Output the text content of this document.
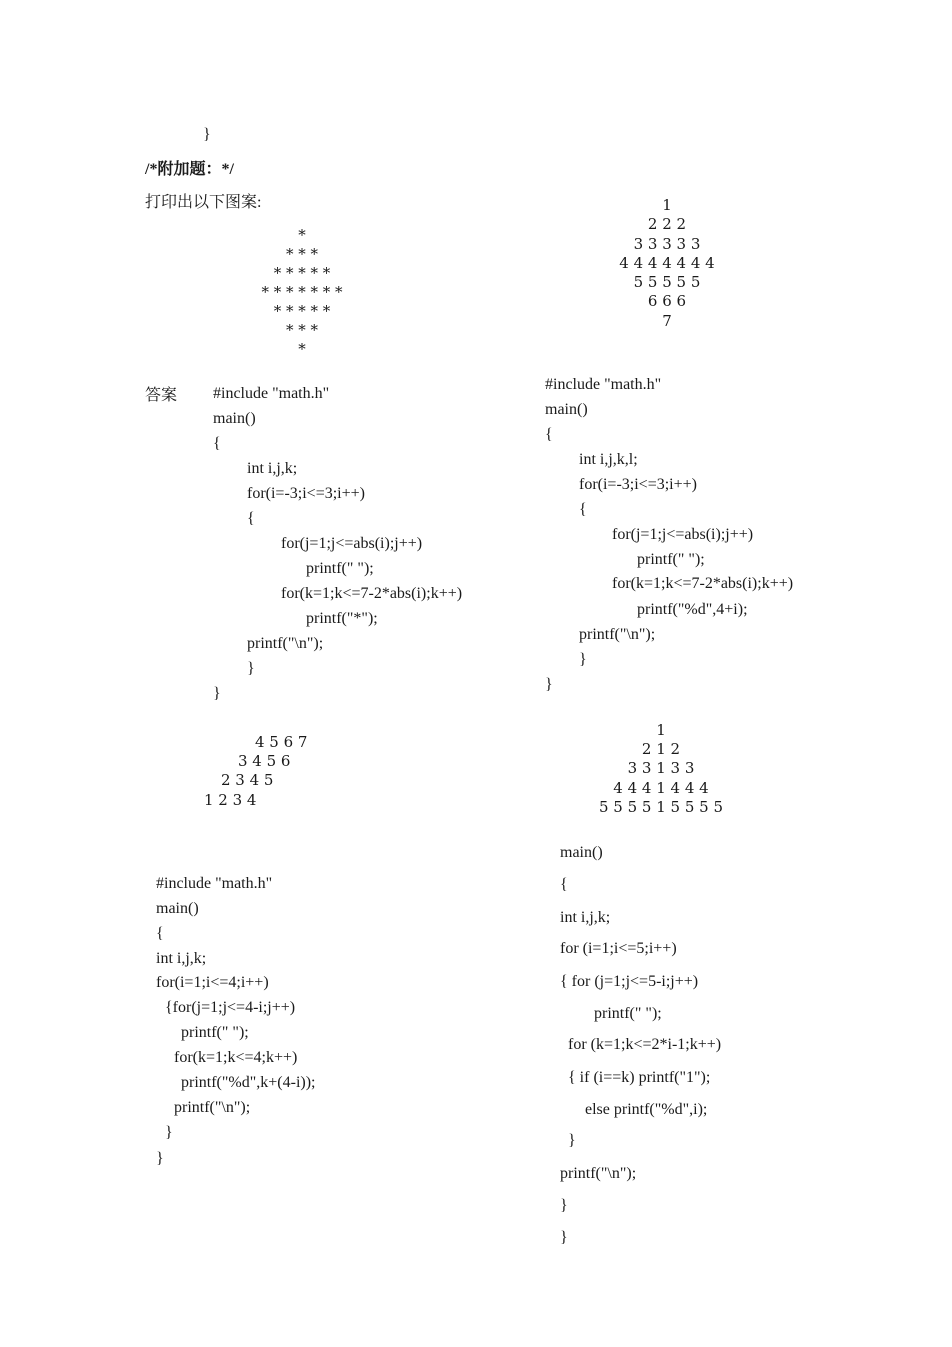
}
/*附加题：*/
打印出以下图案:
答案
*
* * *
* * * * *
* * * * * * *
* * * * *
* * *
*
1
2 2 2
3 3 3 3 3
4 4 4 4 4 4 4
5 5 5 5 5
6 6 6
7
#include "math.h"
main()
{
int i,j,k;
for(i=-3;i<=3;i++)
{
for(j=1;j<=abs(i);j++)
printf(" ");
for(k=1;k<=7-2*abs(i);k++)
printf("*");
printf("\n");
}
}
#include "math.h"
main()
{
int i,j,k,l;
for(i=-3;i<=3;i++)
{
for(j=1;j<=abs(i);j++)
printf(" ");
for(k=1;k<=7-2*abs(i);k++)
printf("%d",4+i);
printf("\n");
}
}
4 5 6 7
3 4 5 6
2 3 4 5
1 2 3 4
1
2 1 2
3 3 1 3 3
4 4 4 1 4 4 4
5 5 5 5 1 5 5 5 5
#include "math.h"
main()
{
int i,j,k;
for(i=1;i<=4;i++)
{for(j=1;j<=4-i;j++)
printf(" ");
for(k=1;k<=4;k++)
printf("%d",k+(4-i));
printf("\n");
}
}
main()
{
int i,j,k;
for (i=1;i<=5;i++)
{ for (j=1;j<=5-i;j++)
printf(" ");
for (k=1;k<=2*i-1;k++)
{ if (i==k) printf("1");
else printf("%d",i);
}
printf("\n");
}
}
